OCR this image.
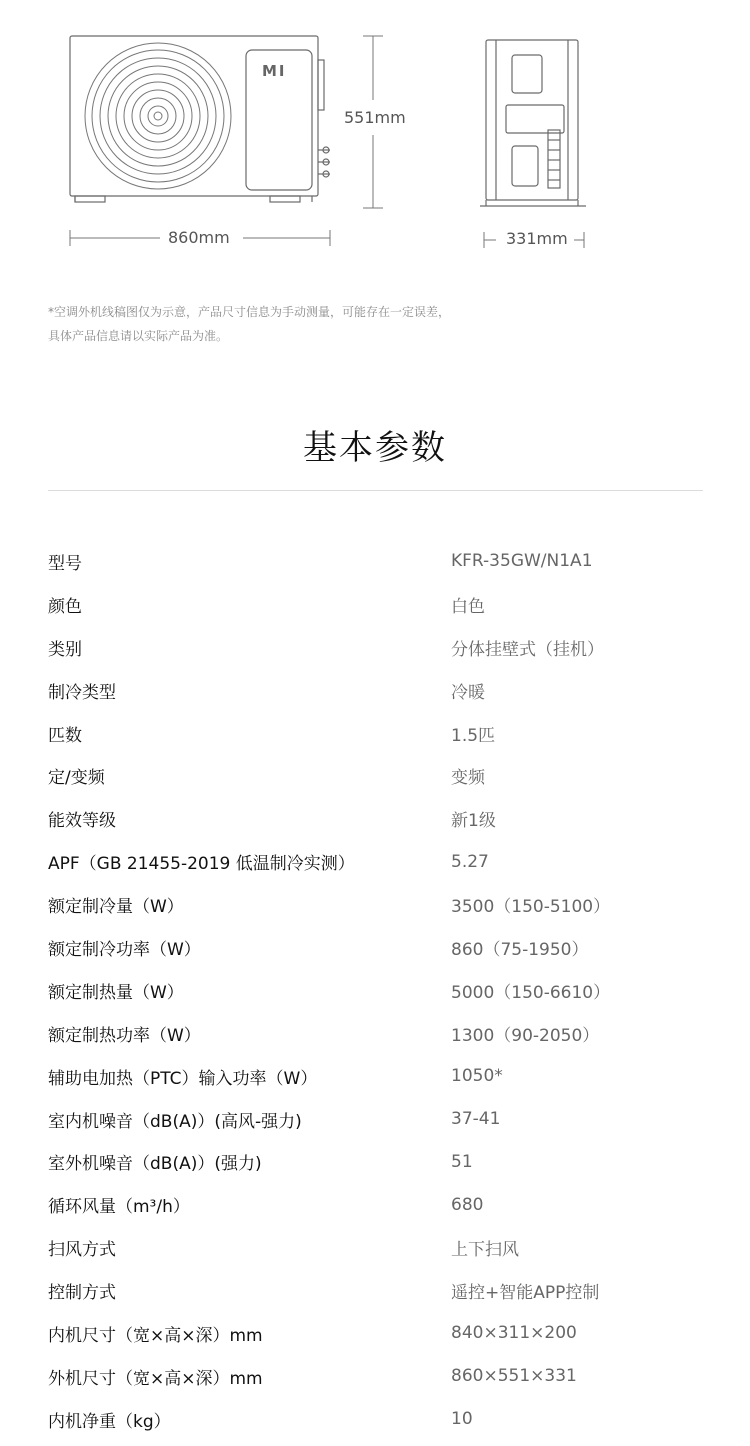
MI
860mm
551mm
331mm

*空调外机线稿图仅为示意，产品尺寸信息为手动测量，可能存在一定误差，

具体产品信息请以实际产品为准。

基本参数
型号	KFR-35GW/N1A1
颜色	白色
类别	分体挂壁式（挂机）
制冷类型	冷暖
匹数	1.5匹
定/变频	变频
能效等级	新1级
APF（GB 21455-2019 低温制冷实测）	5.27
额定制冷量（W）	3500（150-5100）
额定制冷功率（W）	860（75-1950）
额定制热量（W）	5000（150-6610）
额定制热功率（W）	1300（90-2050）
辅助电加热（PTC）输入功率（W）	1050*
室内机噪音（dB(A)）(高风-强力)	37-41
室外机噪音（dB(A)）(强力)	51
循环风量（m³/h）	680
扫风方式	上下扫风
控制方式	遥控+智能APP控制
内机尺寸（宽×高×深）mm	840×311×200
外机尺寸（宽×高×深）mm	860×551×331
内机净重（kg）	10
